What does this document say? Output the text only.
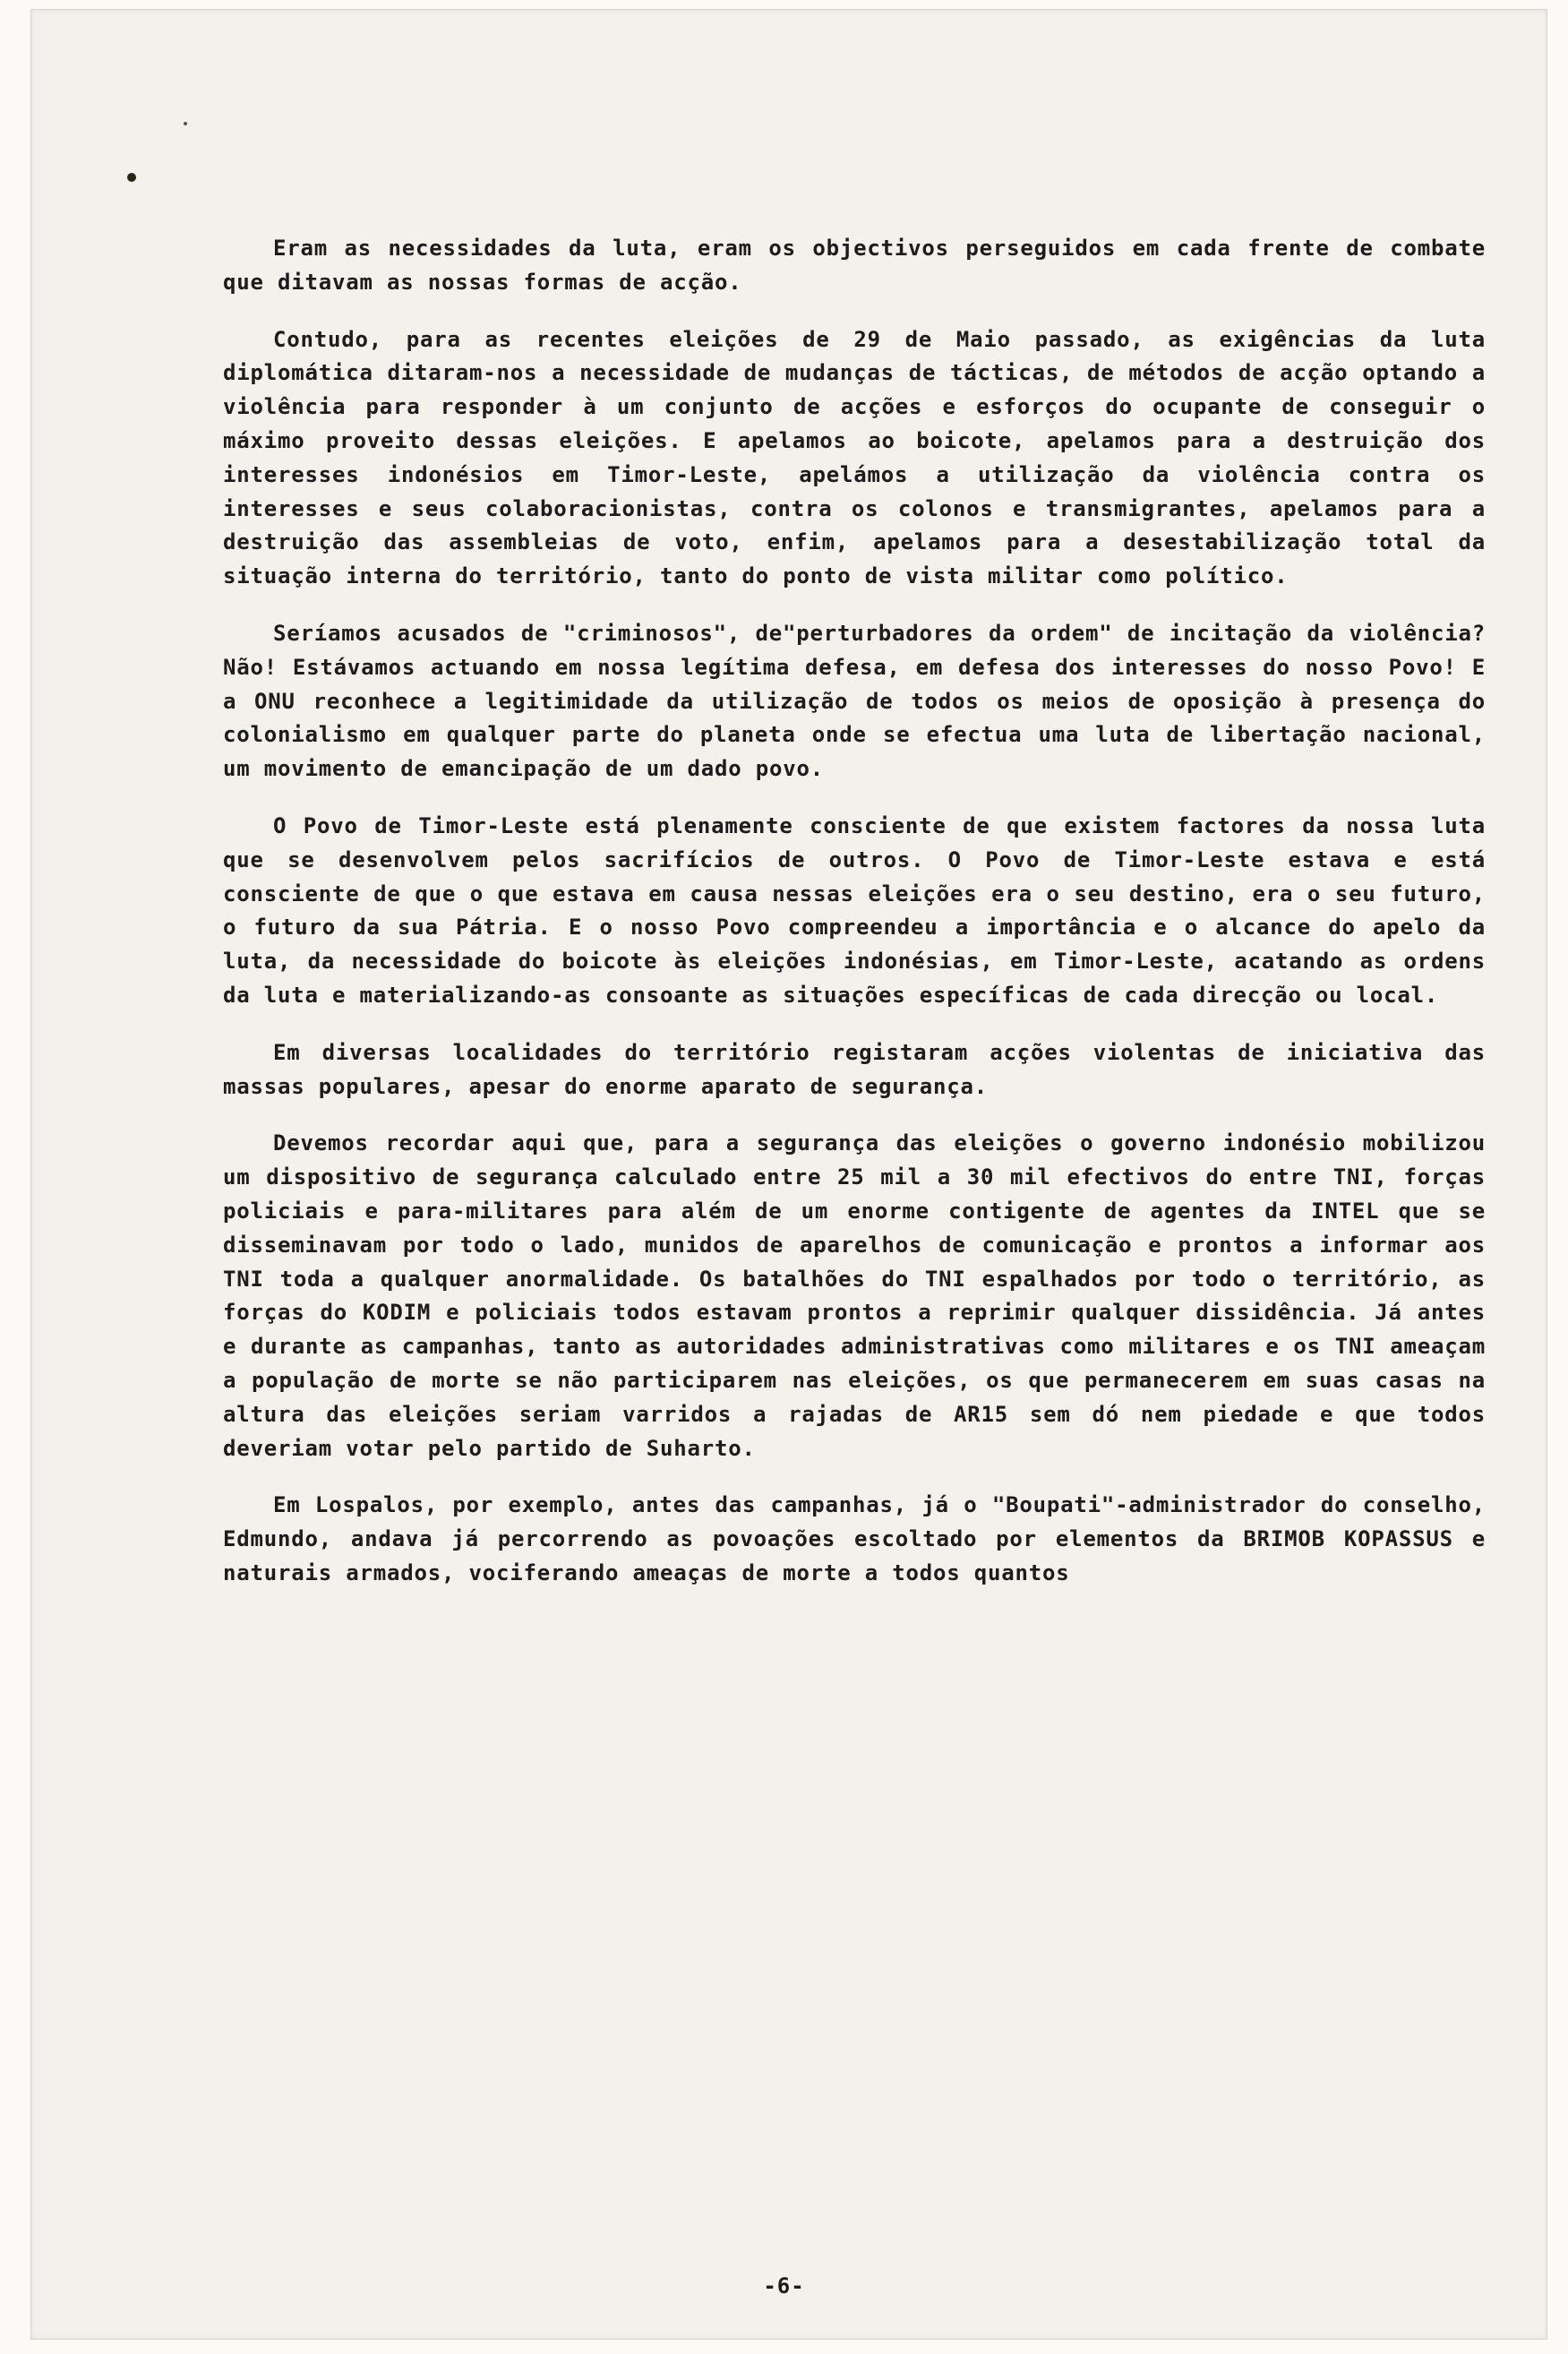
Eram as necessidades da luta, eram os objectivos perseguidos em cada frente de combate que ditavam as nossas formas de acção.

Contudo, para as recentes eleições de 29 de Maio passado, as exigências da luta diplomática ditaram-nos a necessidade de mudanças de tácticas, de métodos de acção optando a violência para responder à um conjunto de acções e esforços do ocupante de conseguir o máximo proveito dessas eleições. E apelamos ao boicote, apelamos para a destruição dos interesses indonésios em Timor-Leste, apelámos a utilização da violência contra os interesses e seus colaboracionistas, contra os colonos e transmigrantes, apelamos para a destruição das assembleias de voto, enfim, apelamos para a desestabilização total da situação interna do território, tanto do ponto de vista militar como político.

Seríamos acusados de "criminosos", de"perturbadores da ordem" de incitação da violência? Não! Estávamos actuando em nossa legítima defesa, em defesa dos interesses do nosso Povo! E a ONU reconhece a legitimidade da utilização de todos os meios de oposição à presença do colonialismo em qualquer parte do planeta onde se efectua uma luta de libertação nacional, um movimento de emancipação de um dado povo.

O Povo de Timor-Leste está plenamente consciente de que existem factores da nossa luta que se desenvolvem pelos sacrifícios de outros. O Povo de Timor-Leste estava e está consciente de que o que estava em causa nessas eleições era o seu destino, era o seu futuro, o futuro da sua Pátria. E o nosso Povo compreendeu a importância e o alcance do apelo da luta, da necessidade do boicote às eleições indonésias, em Timor-Leste, acatando as ordens da luta e materializando-as consoante as situações específicas de cada direcção ou local.

Em diversas localidades do território registaram acções violentas de iniciativa das massas populares, apesar do enorme aparato de segurança.

Devemos recordar aqui que, para a segurança das eleições o governo indonésio mobilizou um dispositivo de segurança calculado entre 25 mil a 30 mil efectivos do entre TNI, forças policiais e para-militares para além de um enorme contigente de agentes da INTEL que se disseminavam por todo o lado, munidos de aparelhos de comunicação e prontos a informar aos TNI toda a qualquer anormalidade. Os batalhões do TNI espalhados por todo o território, as forças do KODIM e policiais todos estavam prontos a reprimir qualquer dissidência. Já antes e durante as campanhas, tanto as autoridades administrativas como militares e os TNI ameaçam a população de morte se não participarem nas eleições, os que permanecerem em suas casas na altura das eleições seriam varridos a rajadas de AR15 sem dó nem piedade e que todos deveriam votar pelo partido de Suharto.

Em Lospalos, por exemplo, antes das campanhas, já o "Boupati"-administrador do conselho, Edmundo, andava já percorrendo as povoações escoltado por elementos da BRIMOB KOPASSUS e naturais armados, vociferando ameaças de morte a todos quantos

-6-
